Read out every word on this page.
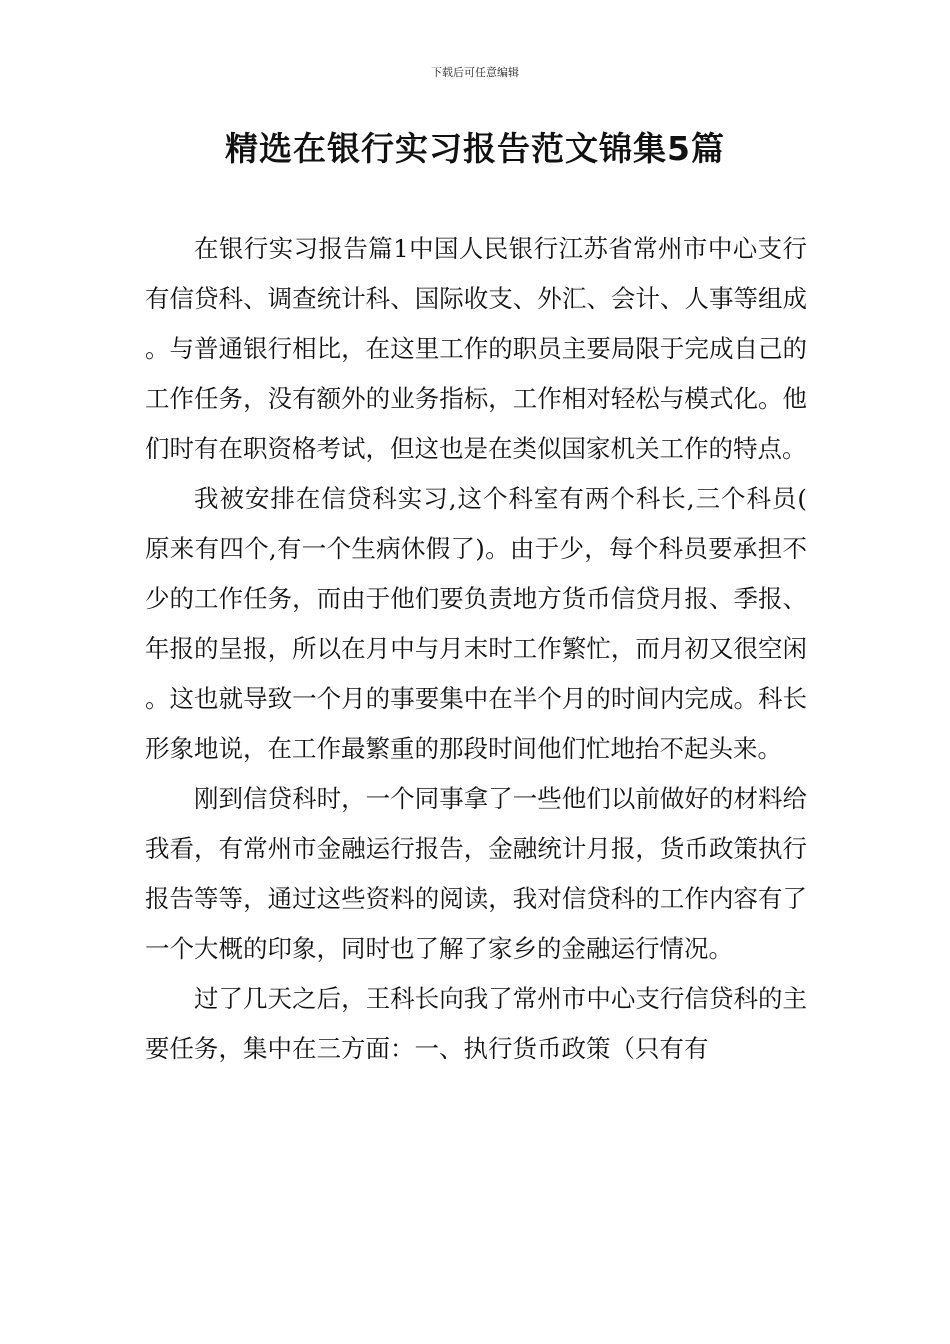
下载后可任意编辑
精选在银行实习报告范文锦集5篇

在银行实习报告篇1中国人民银行江苏省常州市中心支行有信贷科、调查统计科、国际收支、外汇、会计、人事等组成。与普通银行相比，在这里工作的职员主要局限于完成自己的工作任务，没有额外的业务指标，工作相对轻松与模式化。他们时有在职资格考试，但这也是在类似国家机关工作的特点。

我被安排在信贷科实习,这个科室有两个科长,三个科员(原来有四个,有一个生病休假了)。由于少，每个科员要承担不少的工作任务，而由于他们要负责地方货币信贷月报、季报、年报的呈报，所以在月中与月末时工作繁忙，而月初又很空闲。这也就导致一个月的事要集中在半个月的时间内完成。科长形象地说，在工作最繁重的那段时间他们忙地抬不起头来。

刚到信贷科时，一个同事拿了一些他们以前做好的材料给我看，有常州市金融运行报告，金融统计月报，货币政策执行报告等等，通过这些资料的阅读，我对信贷科的工作内容有了一个大概的印象，同时也了解了家乡的金融运行情况。

过了几天之后，王科长向我了常州市中心支行信贷科的主要任务，集中在三方面：一、执行货币政策（只有有
